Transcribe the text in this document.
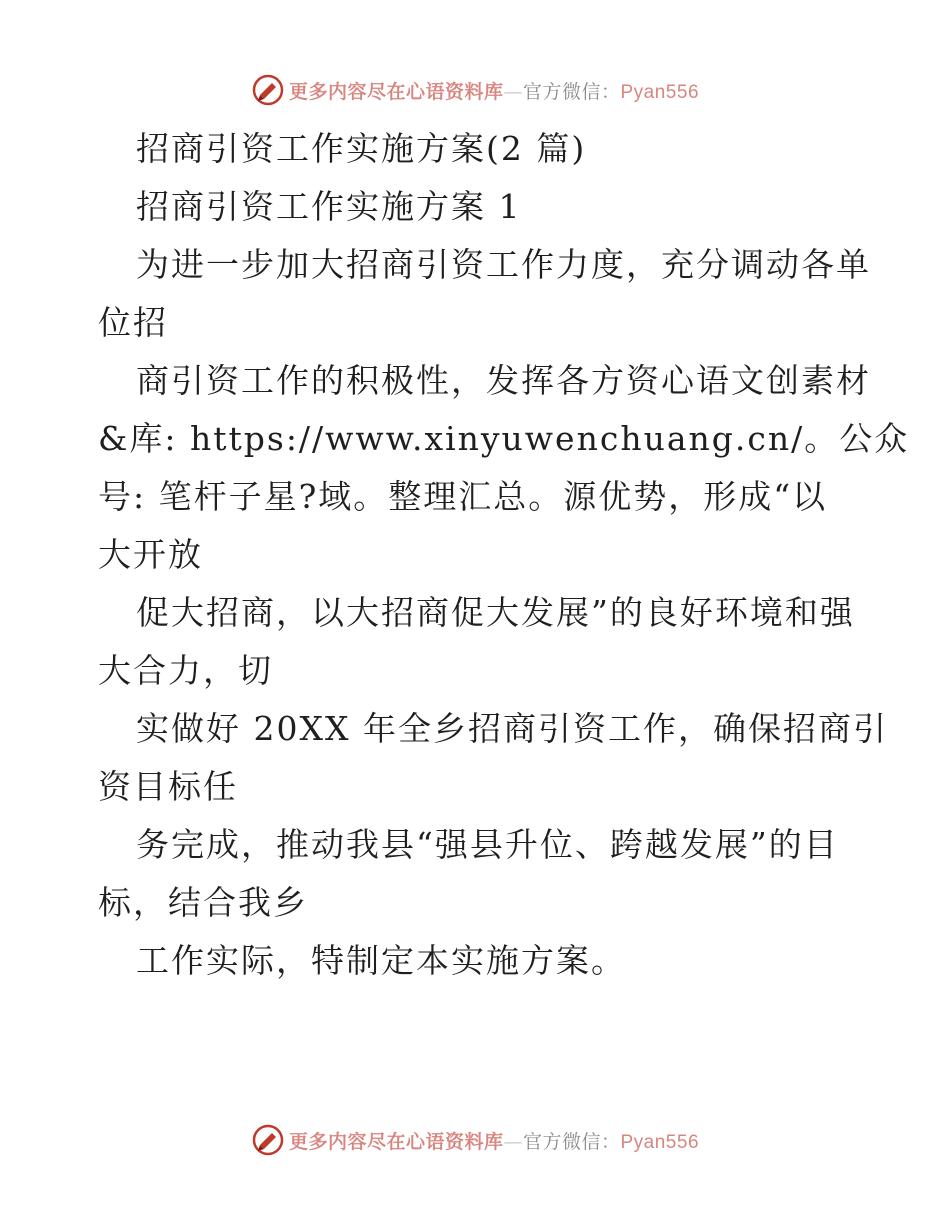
更多内容尽在心语资料库—官方微信：Pyan556
招商引资工作实施方案(2 篇)
招商引资工作实施方案 1
为进一步加大招商引资工作力度，充分调动各单
位招
商引资工作的积极性，发挥各方资心语文创素材
&库: https://www.xinyuwenchuang.cn/。公众
号: 笔杆子星?域。整理汇总。源优势，形成“以
大开放
促大招商，以大招商促大发展”的良好环境和强
大合力，切
实做好 20XX 年全乡招商引资工作，确保招商引
资目标任
务完成，推动我县“强县升位、跨越发展”的目
标，结合我乡
工作实际，特制定本实施方案。
更多内容尽在心语资料库—官方微信：Pyan556
